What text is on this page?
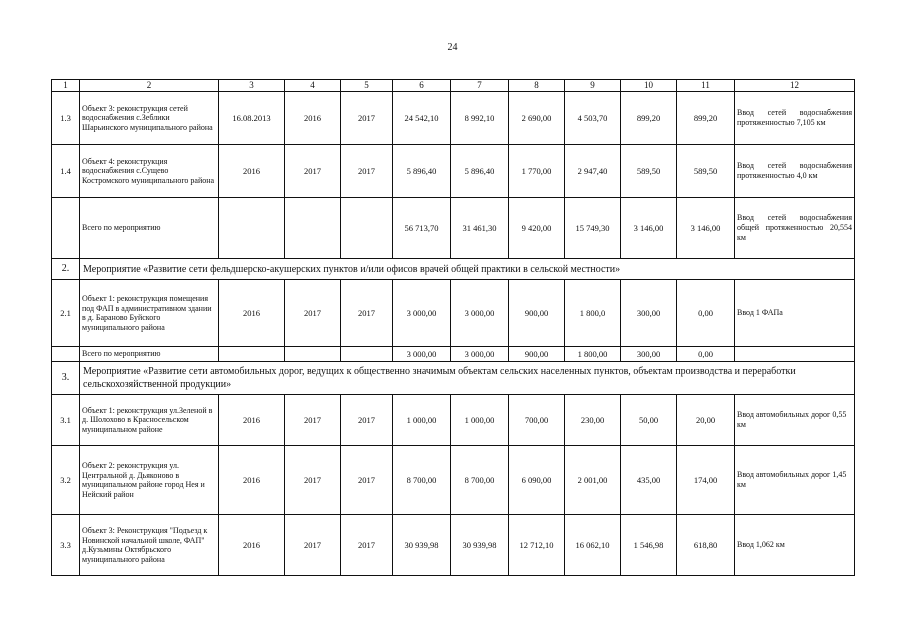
24
1	2	3	4	5	6	7	8	9	10	11	12
1.3	Объект 3: реконструкция сетей водоснабжения с.Зеблики Шарьинского муниципального района	16.08.2013	2016	2017	24 542,10	8 992,10	2 690,00	4 503,70	899,20	899,20	Ввод сетей водоснабжения протяженностью 7,105 км
1.4	Объект 4: реконструкция водоснабжения с.Сущево Костромского муниципального района	2016	2017	2017	5 896,40	5 896,40	1 770,00	2 947,40	589,50	589,50	Ввод сетей водоснабжения протяженностью 4,0 км
	Всего по мероприятию				56 713,70	31 461,30	9 420,00	15 749,30	3 146,00	3 146,00	Ввод сетей водоснабжения общей протяженностью 20,554 км
2.	Мероприятие «Развитие сети фельдшерско-акушерских пунктов и/или офисов врачей общей практики в сельской местности»										
2.1	Объект 1: реконструкция помещения под ФАП в административном здании в д. Бараново Буйского муниципального района	2016	2017	2017	3 000,00	3 000,00	900,00	1 800,0	300,00	0,00	Ввод 1 ФАПа
	Всего по мероприятию				3 000,00	3 000,00	900,00	1 800,00	300,00	0,00	
3.	Мероприятие «Развитие сети автомобильных дорог, ведущих к общественно значимым объектам сельских населенных пунктов, объектам производства и переработки сельскохозяйственной продукции»										
3.1	Объект 1: реконструкция ул.Зеленой в д. Шолохово в Красносельском муниципальном районе	2016	2017	2017	1 000,00	1 000,00	700,00	230,00	50,00	20,00	Ввод автомобильных дорог 0,55 км
3.2	Объект 2: реконструкция ул. Центральной д. Дьяконово в муниципальном районе город Нея и Нейский район	2016	2017	2017	8 700,00	8 700,00	6 090,00	2 001,00	435,00	174,00	Ввод автомобильных дорог 1,45 км
3.3	Объект 3: Реконструкция "Подъезд к Новинской начальной школе, ФАП" д.Кузьмины Октябрьского муниципального района	2016	2017	2017	30 939,98	30 939,98	12 712,10	16 062,10	1 546,98	618,80	Ввод 1,062 км
